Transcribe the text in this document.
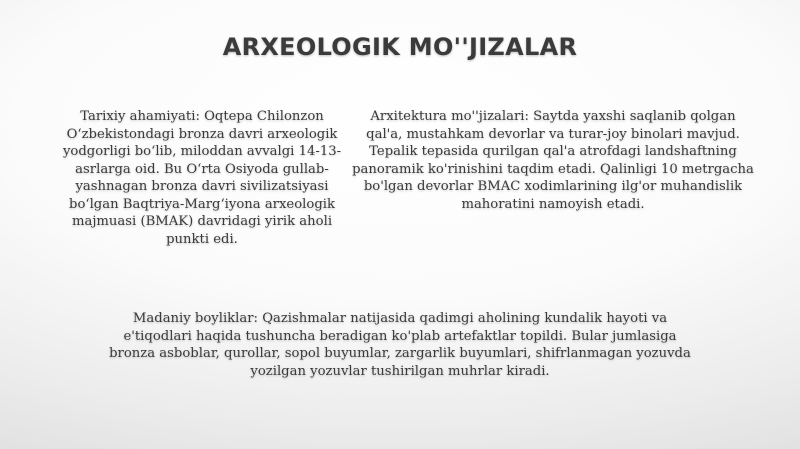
ARXEOLOGIK MO''JIZALAR

Tarixiy ahamiyati: Oqtepa Chilonzon O‘zbekistondagi bronza davri arxeologik yodgorligi bo‘lib, miloddan avvalgi 14-13-asrlarga oid. Bu O‘rta Osiyoda gullab-yashnagan bronza davri sivilizatsiyasi bo‘lgan Baqtriya-Marg‘iyona arxeologik majmuasi (BMAK) davridagi yirik aholi punkti edi.

Arxitektura mo''jizalari: Saytda yaxshi saqlanib qolgan qal'a, mustahkam devorlar va turar-joy binolari mavjud. Tepalik tepasida qurilgan qal'a atrofdagi landshaftning panoramik ko'rinishini taqdim etadi. Qalinligi 10 metrgacha bo'lgan devorlar BMAC xodimlarining ilg'or muhandislik mahoratini namoyish etadi.

Madaniy boyliklar: Qazishmalar natijasida qadimgi aholining kundalik hayoti va e'tiqodlari haqida tushuncha beradigan ko'plab artefaktlar topildi. Bular jumlasiga bronza asboblar, qurollar, sopol buyumlar, zargarlik buyumlari, shifrlanmagan yozuvda yozilgan yozuvlar tushirilgan muhrlar kiradi.
